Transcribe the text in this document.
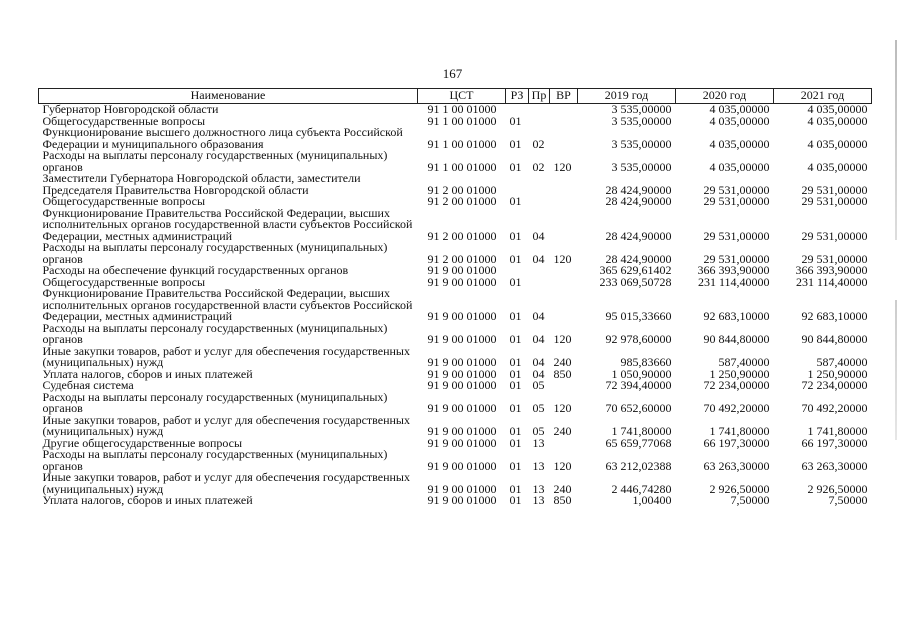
167
Наименование	ЦСТ	РЗ	Пр	ВР	2019 год	2020 год	2021 год
Губернатор Новгородской области	91 1 00 01000				3 535,00000	4 035,00000	4 035,00000
Общегосударственные вопросы	91 1 00 01000	01			3 535,00000	4 035,00000	4 035,00000
Функционирование высшего должностного лица субъекта Российской Федерации и муниципального образования	91 1 00 01000	01	02		3 535,00000	4 035,00000	4 035,00000
Расходы на выплаты персоналу государственных (муниципальных) органов	91 1 00 01000	01	02	120	3 535,00000	4 035,00000	4 035,00000
Заместители Губернатора Новгородской области, заместители Председателя Правительства Новгородской области	91 2 00 01000				28 424,90000	29 531,00000	29 531,00000
Общегосударственные вопросы	91 2 00 01000	01			28 424,90000	29 531,00000	29 531,00000
Функционирование Правительства Российской Федерации, высших исполнительных органов государственной власти субъектов Российской Федерации, местных администраций	91 2 00 01000	01	04		28 424,90000	29 531,00000	29 531,00000
Расходы на выплаты персоналу государственных (муниципальных) органов	91 2 00 01000	01	04	120	28 424,90000	29 531,00000	29 531,00000
Расходы на обеспечение функций государственных органов	91 9 00 01000				365 629,61402	366 393,90000	366 393,90000
Общегосударственные вопросы	91 9 00 01000	01			233 069,50728	231 114,40000	231 114,40000
Функционирование Правительства Российской Федерации, высших исполнительных органов государственной власти субъектов Российской Федерации, местных администраций	91 9 00 01000	01	04		95 015,33660	92 683,10000	92 683,10000
Расходы на выплаты персоналу государственных (муниципальных) органов	91 9 00 01000	01	04	120	92 978,60000	90 844,80000	90 844,80000
Иные закупки товаров, работ и услуг для обеспечения государственных (муниципальных) нужд	91 9 00 01000	01	04	240	985,83660	587,40000	587,40000
Уплата налогов, сборов и иных платежей	91 9 00 01000	01	04	850	1 050,90000	1 250,90000	1 250,90000
Судебная система	91 9 00 01000	01	05		72 394,40000	72 234,00000	72 234,00000
Расходы на выплаты персоналу государственных (муниципальных) органов	91 9 00 01000	01	05	120	70 652,60000	70 492,20000	70 492,20000
Иные закупки товаров, работ и услуг для обеспечения государственных (муниципальных) нужд	91 9 00 01000	01	05	240	1 741,80000	1 741,80000	1 741,80000
Другие общегосударственные вопросы	91 9 00 01000	01	13		65 659,77068	66 197,30000	66 197,30000
Расходы на выплаты персоналу государственных (муниципальных) органов	91 9 00 01000	01	13	120	63 212,02388	63 263,30000	63 263,30000
Иные закупки товаров, работ и услуг для обеспечения государственных (муниципальных) нужд	91 9 00 01000	01	13	240	2 446,74280	2 926,50000	2 926,50000
Уплата налогов, сборов и иных платежей	91 9 00 01000	01	13	850	1,00400	7,50000	7,50000
